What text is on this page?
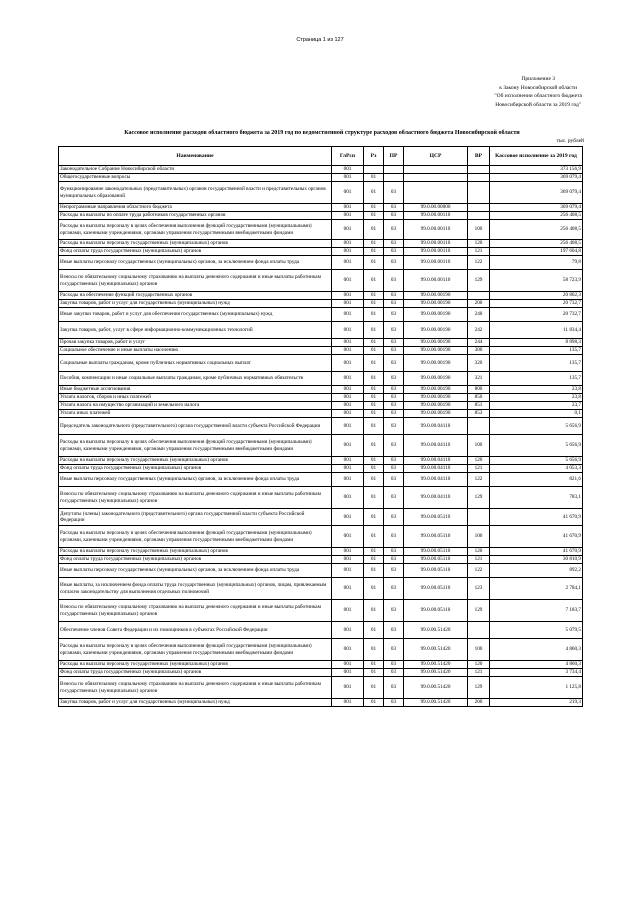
Страница 1 из 127
Приложение 3
к Закону Новосибирской области
"Об исполнении областного бюджета
Новосибирской области за 2019 год"
Кассовое исполнение расходов областного бюджета за 2019 год по ведомственной структуре расходов областного бюджета Новосибирской области
тыс. рублей
Наименование	ГлРсп	Рз	ПР	ЦСР	ВР	Кассовое исполнение за 2019 год
Законодательное Собрание Новосибирской области	001					373 156,9
Общегосударственные вопросы	001	01				369 079,4
Функционирование законодательных (представительных) органов государственной власти и представительных органов муниципальных образований	001	01	03			369 079,4
Непрограммные направления областного бюджета	001	01	03	99.0.00.00000		369 079,4
Расходы на выплаты по оплате труда работников государственных органов	001	01	03	99.0.00.00110		256 408,5
Расходы на выплаты персоналу в целях обеспечения выполнения функций государственными (муниципальными) органами, казенными учреждениями, органами управления государственными внебюджетными фондами	001	01	03	99.0.00.00110	100	256 408,5
Расходы на выплаты персоналу государственных (муниципальных) органов	001	01	03	99.0.00.00110	120	256 408,5
Фонд оплаты труда государственных (муниципальных) органов	001	01	03	99.0.00.00110	121	197 604,8
Иные выплаты персоналу государственных (муниципальных) органов, за исключением фонда оплаты труда	001	01	03	99.0.00.00110	122	79,8
Взносы по обязательному социальному страхованию на выплаты денежного содержания и иные выплаты работникам государственных (муниципальных) органов	001	01	03	99.0.00.00110	129	58 723,9
Расходы на обеспечение функций государственных органов	001	01	03	99.0.00.00190		20 802,3
Закупка товаров, работ и услуг для государственных (муниципальных) нужд	001	01	03	99.0.00.00190	200	20 732,7
Иные закупки товаров, работ и услуг для обеспечения государственных (муниципальных) нужд	001	01	03	99.0.00.00190	240	20 732,7
Закупка товаров, работ, услуг в сфере информационно-коммуникационных технологий	001	01	03	99.0.00.00190	242	11 834,4
Прочая закупка товаров, работ и услуг	001	01	03	99.0.00.00190	244	8 898,3
Социальное обеспечение и иные выплаты населению	001	01	03	99.0.00.00190	300	135,7
Социальные выплаты гражданам, кроме публичных нормативных социальных выплат	001	01	03	99.0.00.00190	320	135,7
Пособия, компенсации и иные социальные выплаты гражданам, кроме публичных нормативных обязательств	001	01	03	99.0.00.00190	321	135,7
Иные бюджетные ассигнования	001	01	03	99.0.00.00190	800	23,8
Уплата налогов, сборов и иных платежей	001	01	03	99.0.00.00190	850	23,8
Уплата налога на имущество организаций и земельного налога	001	01	03	99.0.00.00190	851	23,7
Уплата иных платежей	001	01	03	99.0.00.00190	853	0,1
Председатель законодательного (представительного) органа государственной власти субъекта Российской Федерации	001	01	03	99.0.00.04110		5 656,9
Расходы на выплаты персоналу в целях обеспечения выполнения функций государственными (муниципальными) органами, казенными учреждениями, органами управления государственными внебюджетными фондами	001	01	03	99.0.00.04110	100	5 656,9
Расходы на выплаты персоналу государственных (муниципальных) органов	001	01	03	99.0.00.04110	120	5 656,9
Фонд оплаты труда государственных (муниципальных) органов	001	01	03	99.0.00.04110	121	4 053,3
Иные выплаты персоналу государственных (муниципальных) органов, за исключением фонда оплаты труда	001	01	03	99.0.00.04110	122	821,6
Взносы по обязательному социальному страхованию на выплаты денежного содержания и иные выплаты работникам государственных (муниципальных) органов	001	01	03	99.0.00.04110	129	783,1
Депутаты (члены) законодательного (представительного) органа государственной власти субъекта Российской Федерации	001	01	03	99.0.00.05110		41 670,9
Расходы на выплаты персоналу в целях обеспечения выполнения функций государственными (муниципальными) органами, казенными учреждениями, органами управления государственными внебюджетными фондами	001	01	03	99.0.00.05110	100	41 670,9
Расходы на выплаты персоналу государственных (муниципальных) органов	001	01	03	99.0.00.05110	120	41 670,9
Фонд оплаты труда государственных (муниципальных) органов	001	01	03	99.0.00.05110	121	30 810,9
Иные выплаты персоналу государственных (муниципальных) органов, за исключением фонда оплаты труда	001	01	03	99.0.00.05110	122	892,2
Иные выплаты, за исключением фонда оплаты труда государственных (муниципальных) органов, лицам, привлекаемым согласно законодательству для выполнения отдельных полномочий	001	01	03	99.0.00.05110	123	2 784,1
Взносы по обязательному социальному страхованию на выплаты денежного содержания и иные выплаты работникам государственных (муниципальных) органов	001	01	03	99.0.00.05110	129	7 183,7
Обеспечение членов Совета Федерации и их помощников в субъектах Российской Федерации	001	01	03	99.0.00.51420		5 079,5
Расходы на выплаты персоналу в целях обеспечения выполнения функций государственными (муниципальными) органами, казенными учреждениями, органами управления государственными внебюджетными фондами	001	01	03	99.0.00.51420	100	4 860,3
Расходы на выплаты персоналу государственных (муниципальных) органов	001	01	03	99.0.00.51420	120	4 860,3
Фонд оплаты труда государственных (муниципальных) органов	001	01	03	99.0.00.51420	121	3 734,4
Взносы по обязательному социальному страхованию на выплаты денежного содержания и иные выплаты работникам государственных (муниципальных) органов	001	01	03	99.0.00.51420	129	1 125,8
Закупка товаров, работ и услуг для государственных (муниципальных) нужд	001	01	03	99.0.00.51420	200	219,3
